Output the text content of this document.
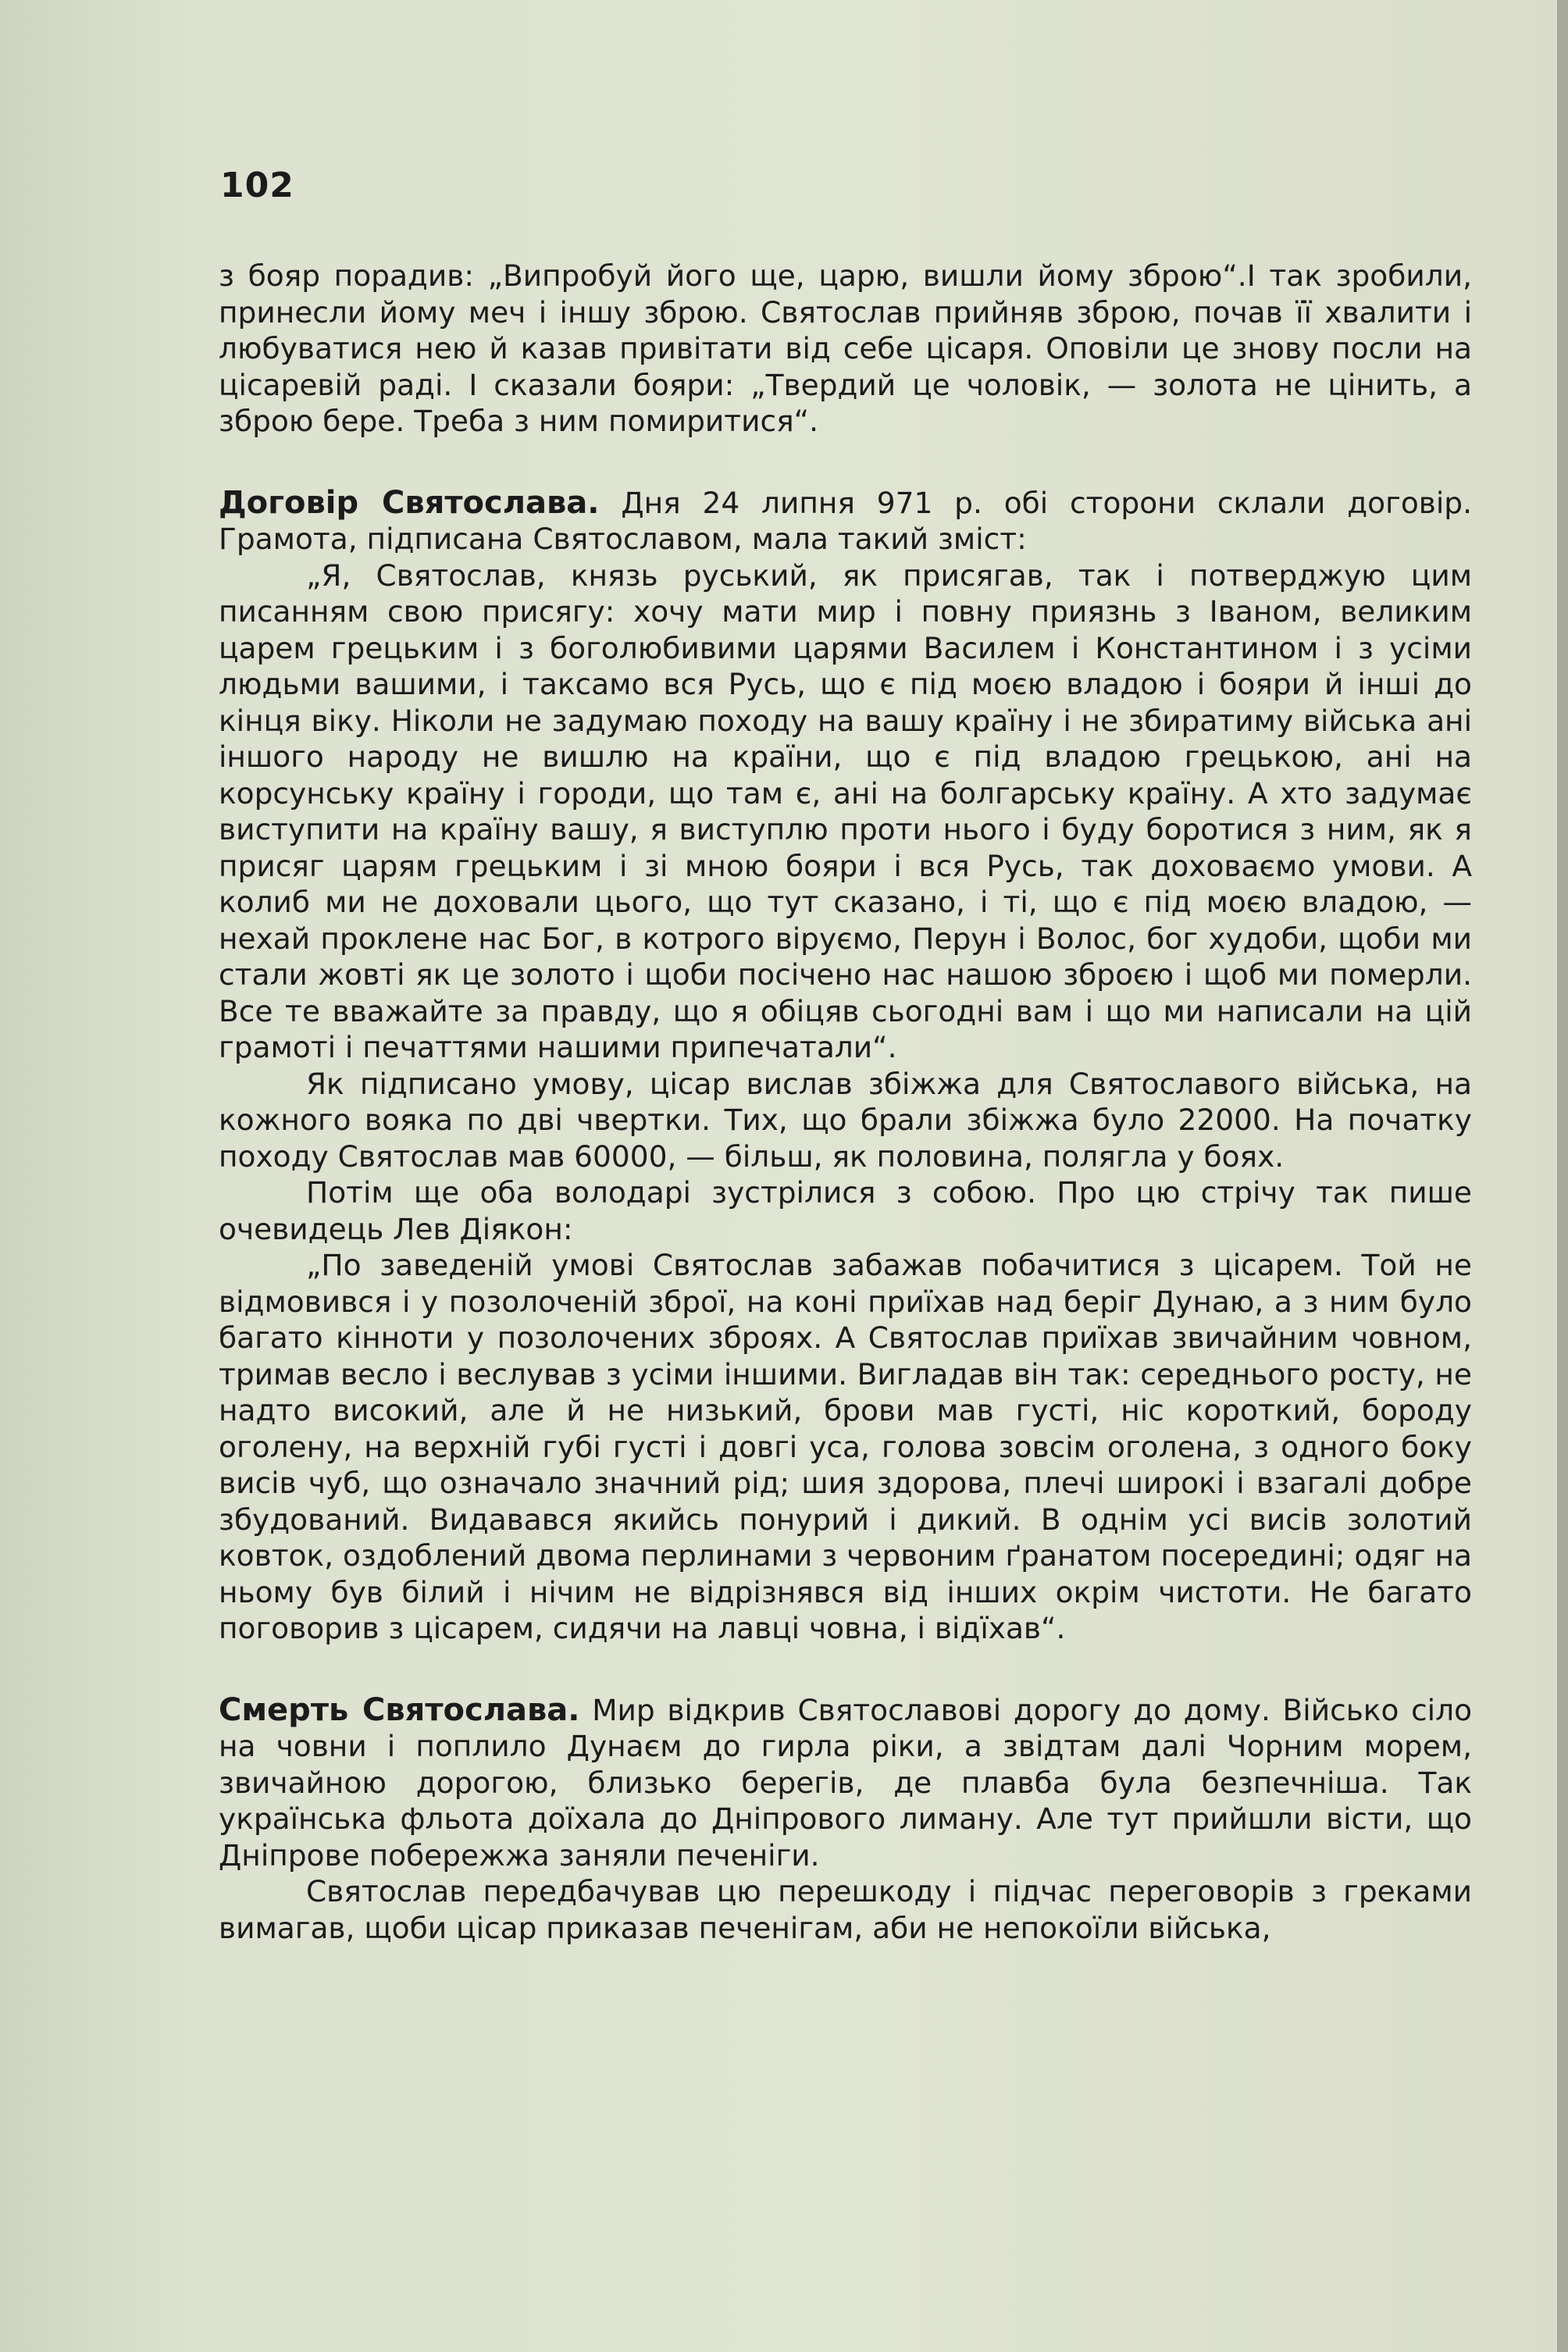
102

з бояр порадив: „Випробуй його ще, царю, вишли йому зброю“.І так зробили, принесли йому меч і іншу зброю. Святослав прийняв зброю, почав її хвалити і любуватися нею й казав привітати від себе цісаря. Оповіли це знову посли на цісаревій раді. І сказали бояри: „Твердий це чоловік, — золота не цінить, а зброю бере. Треба з ним помиритися“.

Договір Святослава. Дня 24 липня 971 р. обі сторони склали договір. Грамота, підписана Святославом, мала такий зміст:

„Я, Святослав, князь руський, як присягав, так і потверджую цим писанням свою присягу: хочу мати мир і повну приязнь з Іваном, великим царем грецьким і з боголюбивими царями Василем і Константином і з усіми людьми вашими, і таксамо вся Русь, що є під моєю владою і бояри й інші до кінця віку. Ніколи не задумаю походу на вашу країну і не збиратиму війська ані іншого народу не вишлю на країни, що є під владою грецькою, ані на корсунську країну і городи, що там є, ані на болгарську країну. А хто задумає виступити на країну вашу, я виступлю проти нього і буду боротися з ним, як я присяг царям грецьким і зі мною бояри і вся Русь, так доховаємо умови. А колиб ми не доховали цього, що тут сказано, і ті, що є під моєю владою, — нехай проклене нас Бог, в котрого віруємо, Перун і Волос, бог худоби, щоби ми стали жовті як це золото і щоби посічено нас нашою зброєю і щоб ми померли. Все те вважайте за правду, що я обіцяв сьогодні вам і що ми написали на цій грамоті і печаттями нашими припечатали“.

Як підписано умову, цісар вислав збіжжа для Святославого війська, на кожного вояка по дві чвертки. Тих, що брали збіжжа було 22000. На початку походу Святослав мав 60000, — більш, як половина, полягла у боях.

Потім ще оба володарі зустрілися з собою. Про цю стрічу так пише очевидець Лев Діякон:

„По заведеній умові Святослав забажав побачитися з цісарем. Той не відмовився і у позолоченій зброї, на коні приїхав над беріг Дунаю, а з ним було багато кінноти у позолочених зброях. А Святослав приїхав звичайним човном, тримав весло і веслував з усіми іншими. Вигладав він так: середнього росту, не надто високий, але й не низький, брови мав густі, ніс короткий, бороду оголену, на верхній губі густі і довгі уса, голова зовсім оголена, з одного боку висів чуб, що означало значний рід; шия здорова, плечі широкі і взагалі добре збудований. Видавався якийсь понурий і дикий. В однім усі висів золотий ковток, оздоблений двома перлинами з червоним ґранатом посередині; одяг на ньому був білий і нічим не відрізнявся від інших окрім чистоти. Не багато поговорив з цісарем, сидячи на лавці човна, і відїхав“.

Смерть Святослава. Мир відкрив Святославові дорогу до дому. Військо сіло на човни і поплило Дунаєм до гирла ріки, а звідтам далі Чорним морем, звичайною дорогою, близько берегів, де плавба була безпечніша. Так українська фльота доїхала до Дніпрового лиману. Але тут прийшли вісти, що Дніпрове побережжа заняли печеніги.

Святослав передбачував цю перешкоду і підчас переговорів з греками вимагав, щоби цісар приказав печенігам, аби не непокоїли війська,
